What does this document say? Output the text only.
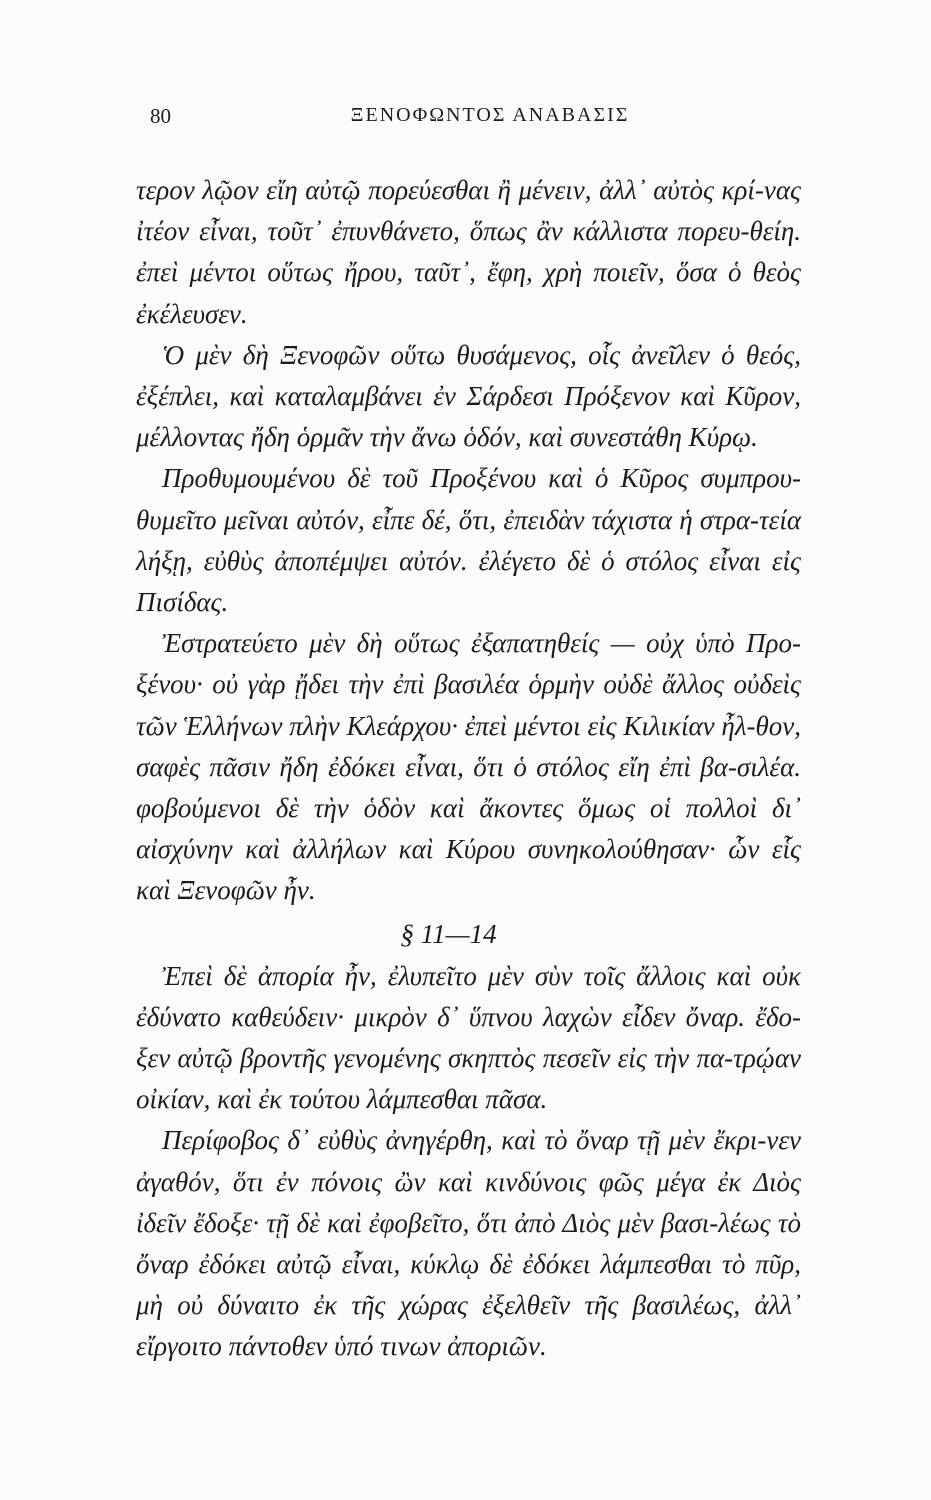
80	ΞΕΝΟΦΩΝΤΟΣ ΑΝΑΒΑΣΙΣ

τερον λῷον εἴη αὐτῷ πορεύεσθαι ἢ μένειν, ἀλλ᾽ αὐτὸς κρί-νας ἰτέον εἶναι, τοῦτ᾽ ἐπυνθάνετο, ὅπως ἂν κάλλιστα πορευ-θείη. ἐπεὶ μέντοι οὕτως ἤρου, ταῦτ᾽, ἔφη, χρὴ ποιεῖν, ὅσα ὁ θεὸς ἐκέλευσεν.

Ὁ μὲν δὴ Ξενοφῶν οὕτω θυσάμενος, οἷς ἀνεῖλεν ὁ θεός, ἐξέπλει, καὶ καταλαμβάνει ἐν Σάρδεσι Πρόξενον καὶ Κῦρον, μέλλοντας ἤδη ὁρμᾶν τὴν ἄνω ὁδόν, καὶ συνεστάθη Κύρῳ.

Προθυμουμένου δὲ τοῦ Προξένου καὶ ὁ Κῦρος συμπρου-θυμεῖτο μεῖναι αὐτόν, εἶπε δέ, ὅτι, ἐπειδὰν τάχιστα ἡ στρα-τεία λήξῃ, εὐθὺς ἀποπέμψει αὐτόν. ἐλέγετο δὲ ὁ στόλος εἶναι εἰς Πισίδας.

Ἐστρατεύετο μὲν δὴ οὕτως ἐξαπατηθείς — οὐχ ὑπὸ Προ-ξένου· οὐ γὰρ ᾔδει τὴν ἐπὶ βασιλέα ὁρμὴν οὐδὲ ἄλλος οὐδεὶς τῶν Ἑλλήνων πλὴν Κλεάρχου· ἐπεὶ μέντοι εἰς Κιλικίαν ἦλ-θον, σαφὲς πᾶσιν ἤδη ἐδόκει εἶναι, ὅτι ὁ στόλος εἴη ἐπὶ βα-σιλέα. φοβούμενοι δὲ τὴν ὁδὸν καὶ ἄκοντες ὅμως οἱ πολλοὶ δι᾽ αἰσχύνην καὶ ἀλλήλων καὶ Κύρου συνηκολούθησαν· ὧν εἷς καὶ Ξενοφῶν ἦν.

§ 11—14

Ἐπεὶ δὲ ἀπορία ἦν, ἐλυπεῖτο μὲν σὺν τοῖς ἄλλοις καὶ οὐκ ἐδύνατο καθεύδειν· μικρὸν δ᾽ ὕπνου λαχὼν εἶδεν ὄναρ. ἔδο-ξεν αὐτῷ βροντῆς γενομένης σκηπτὸς πεσεῖν εἰς τὴν πα-τρῴαν οἰκίαν, καὶ ἐκ τούτου λάμπεσθαι πᾶσα.

Περίφοβος δ᾽ εὐθὺς ἀνηγέρθη, καὶ τὸ ὄναρ τῇ μὲν ἔκρι-νεν ἀγαθόν, ὅτι ἐν πόνοις ὢν καὶ κινδύνοις φῶς μέγα ἐκ Διὸς ἰδεῖν ἔδοξε· τῇ δὲ καὶ ἐφοβεῖτο, ὅτι ἀπὸ Διὸς μὲν βασι-λέως τὸ ὄναρ ἐδόκει αὐτῷ εἶναι, κύκλῳ δὲ ἐδόκει λάμπεσθαι τὸ πῦρ, μὴ οὐ δύναιτο ἐκ τῆς χώρας ἐξελθεῖν τῆς βασιλέως, ἀλλ᾽ εἴργοιτο πάντοθεν ὑπό τινων ἀποριῶν.
